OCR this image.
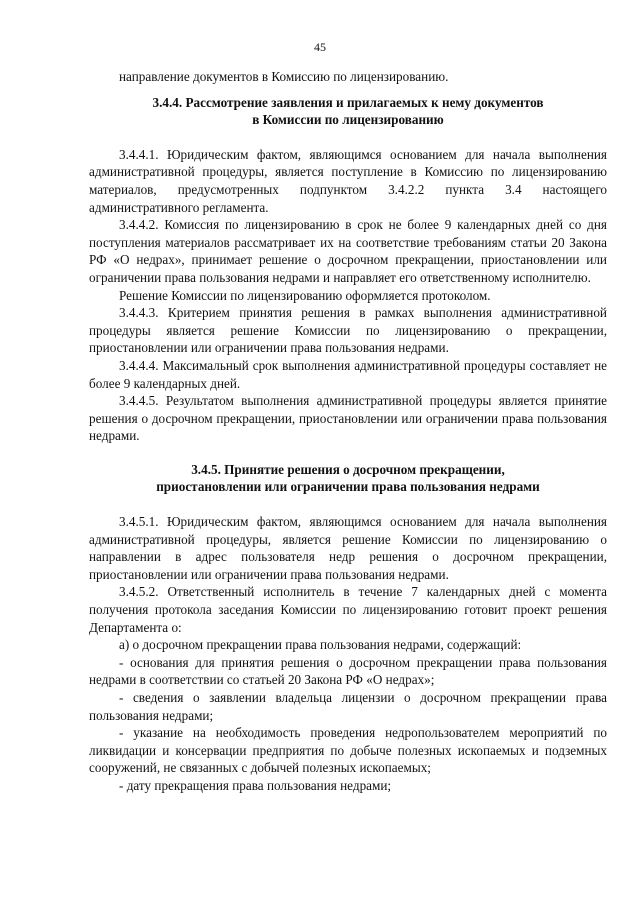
45

направление документов в Комиссию по лицензированию.

3.4.4. Рассмотрение заявления и прилагаемых к нему документов
в Комиссии по лицензированию

3.4.4.1. Юридическим фактом, являющимся основанием для начала выполнения административной процедуры, является поступление в Комиссию по лицензированию материалов, предусмотренных подпунктом 3.4.2.2 пункта 3.4 настоящего административного регламента.

3.4.4.2. Комиссия по лицензированию в срок не более 9 календарных дней со дня поступления материалов рассматривает их на соответствие требованиям статьи 20 Закона РФ «О недрах», принимает решение о досрочном прекращении, приостановлении или ограничении права пользования недрами и направляет его ответственному исполнителю.

Решение Комиссии по лицензированию оформляется протоколом.

3.4.4.3. Критерием принятия решения в рамках выполнения административной процедуры является решение Комиссии по лицензированию о прекращении, приостановлении или ограничении права пользования недрами.

3.4.4.4. Максимальный срок выполнения административной процедуры составляет не более 9 календарных дней.

3.4.4.5. Результатом выполнения административной процедуры является принятие решения о досрочном прекращении, приостановлении или ограничении права пользования недрами.

3.4.5. Принятие решения о досрочном прекращении,
приостановлении или ограничении права пользования недрами

3.4.5.1. Юридическим фактом, являющимся основанием для начала выполнения административной процедуры, является решение Комиссии по лицензированию о направлении в адрес пользователя недр решения о досрочном прекращении, приостановлении или ограничении права пользования недрами.

3.4.5.2. Ответственный исполнитель в течение 7 календарных дней с момента получения протокола заседания Комиссии по лицензированию готовит проект решения Департамента о:

а) о досрочном прекращении права пользования недрами, содержащий:

- основания для принятия решения о досрочном прекращении права пользования недрами в соответствии со статьей 20 Закона РФ «О недрах»;

- сведения о заявлении владельца лицензии о досрочном прекращении права пользования недрами;

- указание на необходимость проведения недропользователем мероприятий по ликвидации и консервации предприятия по добыче полезных ископаемых и подземных сооружений, не связанных с добычей полезных ископаемых;

- дату прекращения права пользования недрами;
